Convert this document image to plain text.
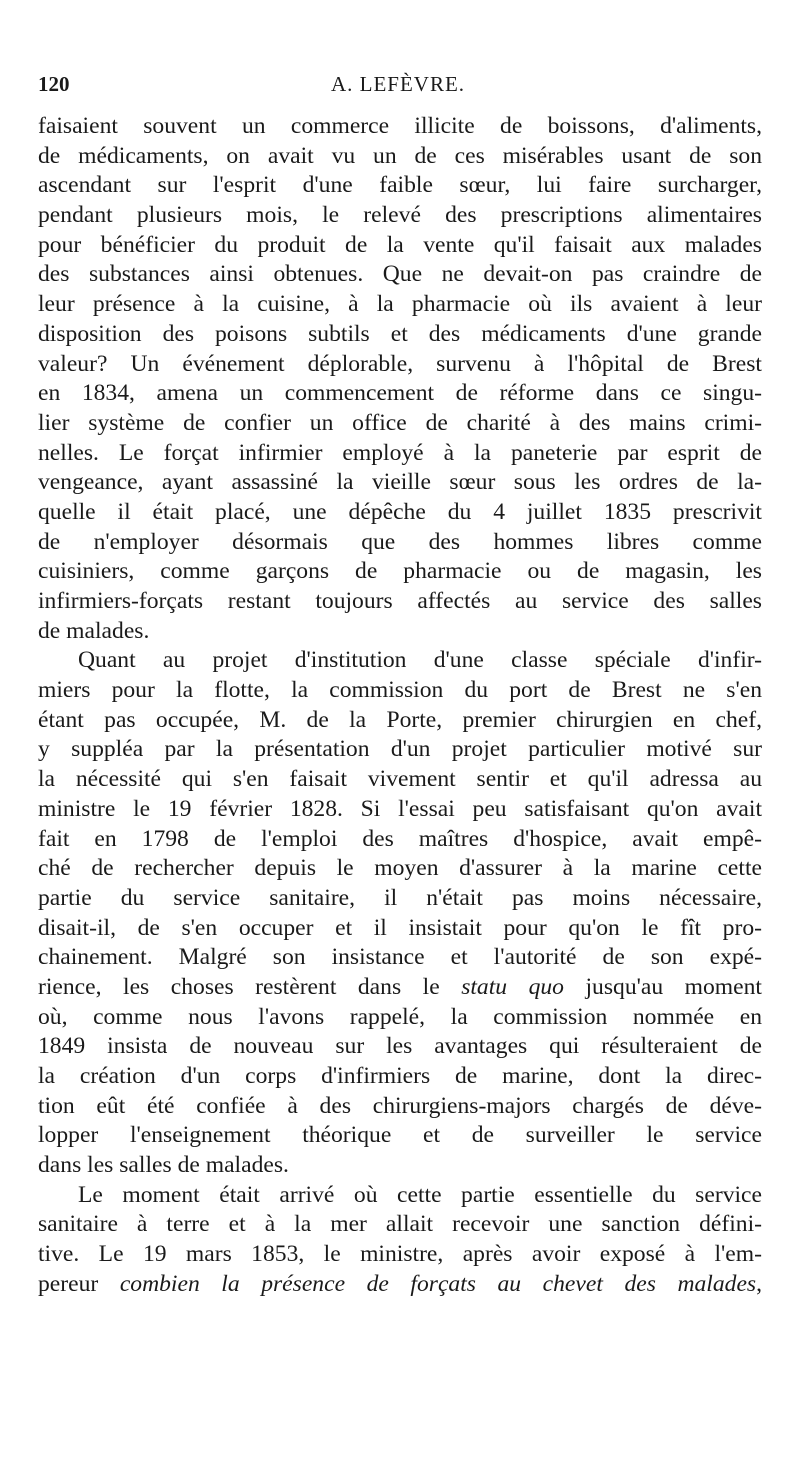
120	A. LEFÈVRE.
faisaient souvent un commerce illicite de boissons, d'aliments,
de médicaments, on avait vu un de ces misérables usant de son
ascendant sur l'esprit d'une faible sœur, lui faire surcharger,
pendant plusieurs mois, le relevé des prescriptions alimentaires
pour bénéficier du produit de la vente qu'il faisait aux malades
des substances ainsi obtenues. Que ne devait-on pas craindre de
leur présence à la cuisine, à la pharmacie où ils avaient à leur
disposition des poisons subtils et des médicaments d'une grande
valeur? Un événement déplorable, survenu à l'hôpital de Brest
en 1834, amena un commencement de réforme dans ce singu-
lier système de confier un office de charité à des mains crimi-
nelles. Le forçat infirmier employé à la paneterie par esprit de
vengeance, ayant assassiné la vieille sœur sous les ordres de la-
quelle il était placé, une dépêche du 4 juillet 1835 prescrivit
de n'employer désormais que des hommes libres comme
cuisiniers, comme garçons de pharmacie ou de magasin, les
infirmiers-forçats restant toujours affectés au service des salles
de malades.
Quant au projet d'institution d'une classe spéciale d'infir-
miers pour la flotte, la commission du port de Brest ne s'en
étant pas occupée, M. de la Porte, premier chirurgien en chef,
y suppléa par la présentation d'un projet particulier motivé sur
la nécessité qui s'en faisait vivement sentir et qu'il adressa au
ministre le 19 février 1828. Si l'essai peu satisfaisant qu'on avait
fait en 1798 de l'emploi des maîtres d'hospice, avait empê-
ché de rechercher depuis le moyen d'assurer à la marine cette
partie du service sanitaire, il n'était pas moins nécessaire,
disait-il, de s'en occuper et il insistait pour qu'on le fît pro-
chainement. Malgré son insistance et l'autorité de son expé-
rience, les choses restèrent dans le statu quo jusqu'au moment
où, comme nous l'avons rappelé, la commission nommée en
1849 insista de nouveau sur les avantages qui résulteraient de
la création d'un corps d'infirmiers de marine, dont la direc-
tion eût été confiée à des chirurgiens-majors chargés de déve-
lopper l'enseignement théorique et de surveiller le service
dans les salles de malades.
Le moment était arrivé où cette partie essentielle du service
sanitaire à terre et à la mer allait recevoir une sanction défini-
tive. Le 19 mars 1853, le ministre, après avoir exposé à l'em-
pereur combien la présence de forçats au chevet des malades,
